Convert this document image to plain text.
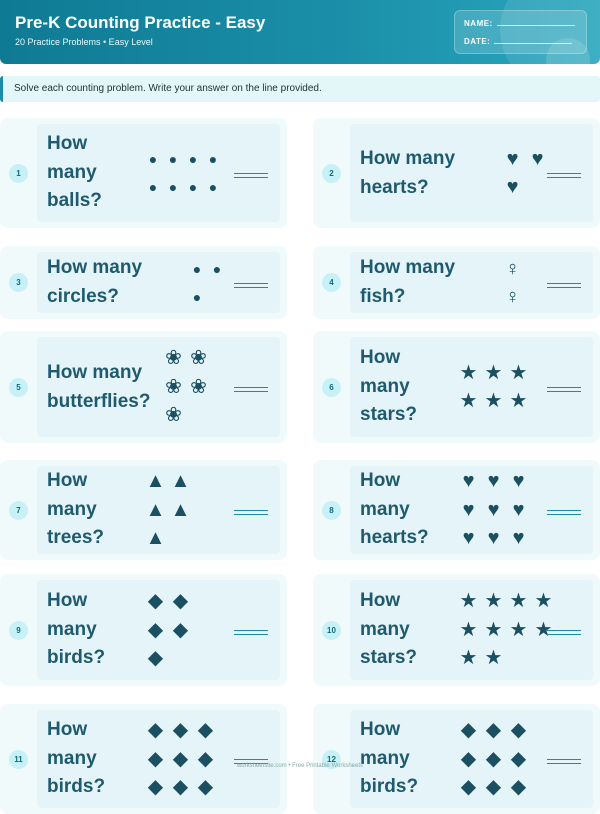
Pre-K Counting Practice - Easy
20 Practice Problems • Easy Level
NAME:
DATE:
Solve each counting problem. Write your answer on the line provided.
1
How
many
balls?
● ● ● ●
● ● ● ●
2
How many
hearts?
♥ ♥
♥
3
How many
circles?
● ●
●
4
How many
fish?
♀
♀
5
How many
butterflies?
❀ ❀
❀ ❀
❀
6
How
many
stars?
★ ★ ★
★ ★ ★
7
How
many
trees?
▲ ▲
▲ ▲
▲
8
How
many
hearts?
♥ ♥ ♥
♥ ♥ ♥
♥ ♥ ♥
9
How
many
birds?
◆ ◆
◆ ◆
◆
10
How
many
stars?
★ ★ ★ ★
★ ★ ★ ★
★ ★
11
How
many
birds?
◆ ◆ ◆
◆ ◆ ◆
◆ ◆ ◆
12
How
many
birds?
◆ ◆ ◆
◆ ◆ ◆
◆ ◆ ◆
worksheetsite.com • Free Printable Worksheets
